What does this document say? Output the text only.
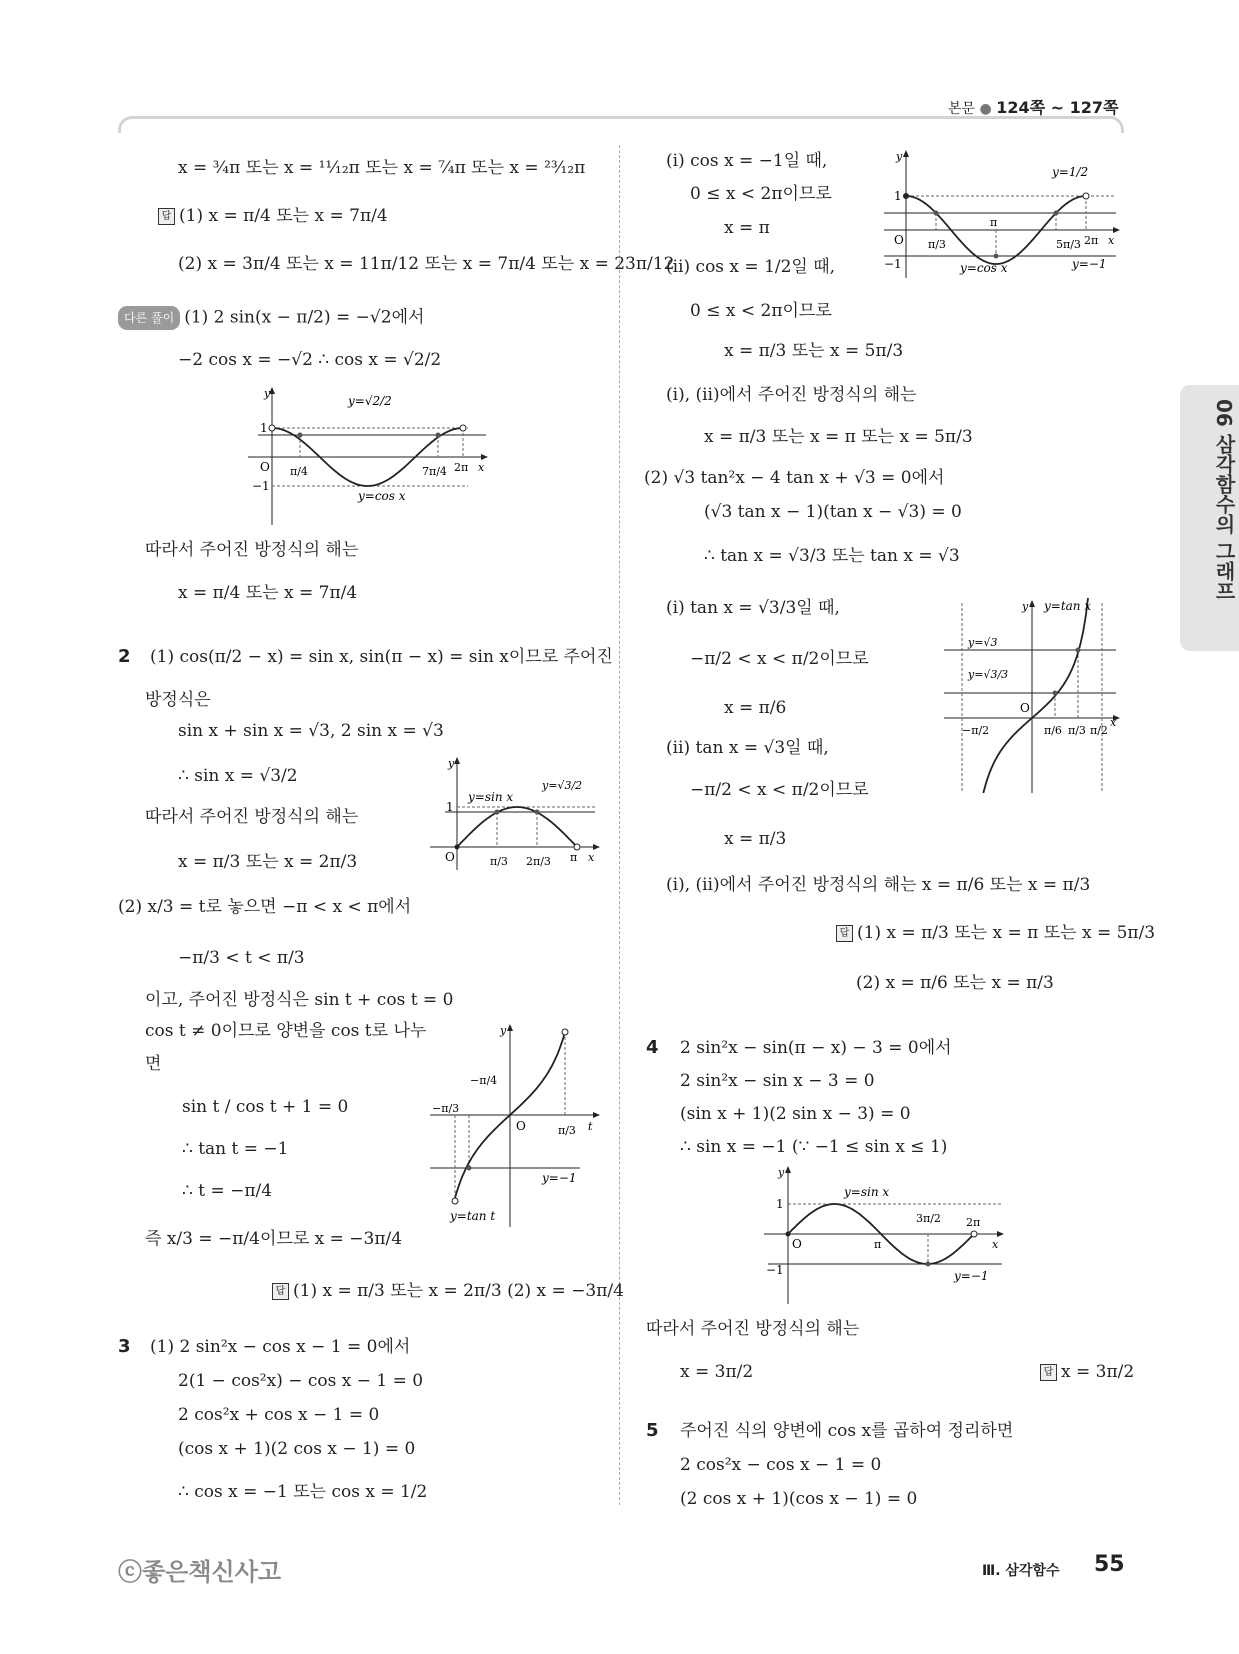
본문 ● 124쪽 ~ 127쪽
06 삼각함수의 그래프
x = ³⁄₄π 또는 x = ¹¹⁄₁₂π 또는 x = ⁷⁄₄π 또는 x = ²³⁄₁₂π
답 (1) x = π/4 또는 x = 7π/4
(2) x = 3π/4 또는 x = 11π/12 또는 x = 7π/4 또는 x = 23π/12
다른 풀이 (1) 2 sin(x − π/2) = −√2에서
−2 cos x = −√2 ∴ cos x = √2/2
y
1
−1
O π/4	7π/4 2π x
y=√2/2
y=cos x
따라서 주어진 방정식의 해는
x = π/4 또는 x = 7π/4
2 (1) cos(π/2 − x) = sin x, sin(π − x) = sin x이므로 주어진
방정식은
sin x + sin x = √3, 2 sin x = √3
∴ sin x = √3/2
따라서 주어진 방정식의 해는
x = π/3 또는 x = 2π/3
y
1
O	π/3 2π/3 π x
y=sin x
y=√3/2
(2) x/3 = t로 놓으면 −π < x < π에서
−π/3 < t < π/3
이고, 주어진 방정식은 sin t + cos t = 0
cos t ≠ 0이므로 양변을 cos t로 나누
면
sin t / cos t + 1 = 0
∴ tan t = −1
∴ t = −π/4
y
O
−π/3
−π/4
π/3 t
y=−1
y=tan t
즉 x/3 = −π/4이므로 x = −3π/4
답 (1) x = π/3 또는 x = 2π/3 (2) x = −3π/4
3 (1) 2 sin²x − cos x − 1 = 0에서
2(1 − cos²x) − cos x − 1 = 0
2 cos²x + cos x − 1 = 0
(cos x + 1)(2 cos x − 1) = 0
∴ cos x = −1 또는 cos x = 1/2
(ⅰ) cos x = −1일 때,
0 ≤ x < 2π이므로
x = π
(ⅱ) cos x = 1/2일 때,
0 ≤ x < 2π이므로
x = π/3 또는 x = 5π/3
y
1
−1
O π/3
π
5π/3 2π x
y=1/2
y=cos x	y=−1
(ⅰ), (ⅱ)에서 주어진 방정식의 해는
x = π/3 또는 x = π 또는 x = 5π/3
(2) √3 tan²x − 4 tan x + √3 = 0에서
(√3 tan x − 1)(tan x − √3) = 0
∴ tan x = √3/3 또는 tan x = √3
(ⅰ) tan x = √3/3일 때,
−π/2 < x < π/2이므로
x = π/6
(ⅱ) tan x = √3일 때,
−π/2 < x < π/2이므로
x = π/3
y y=tan x
y=√3
y=√3/3
O
−π/2	π/6 π/3 π/2
x
(ⅰ), (ⅱ)에서 주어진 방정식의 해는 x = π/6 또는 x = π/3
답 (1) x = π/3 또는 x = π 또는 x = 5π/3
(2) x = π/6 또는 x = π/3
4 2 sin²x − sin(π − x) − 3 = 0에서
2 sin²x − sin x − 3 = 0
(sin x + 1)(2 sin x − 3) = 0
∴ sin x = −1 (∵ −1 ≤ sin x ≤ 1)
y
1
−1
O	π
3π/2 2π
x
y=sin x
y=−1
따라서 주어진 방정식의 해는
x = 3π/2	답 x = 3π/2
5 주어진 식의 양변에 cos x를 곱하여 정리하면
2 cos²x − cos x − 1 = 0
(2 cos x + 1)(cos x − 1) = 0
ⓒ좋은책신사고	Ⅲ. 삼각함수 55
